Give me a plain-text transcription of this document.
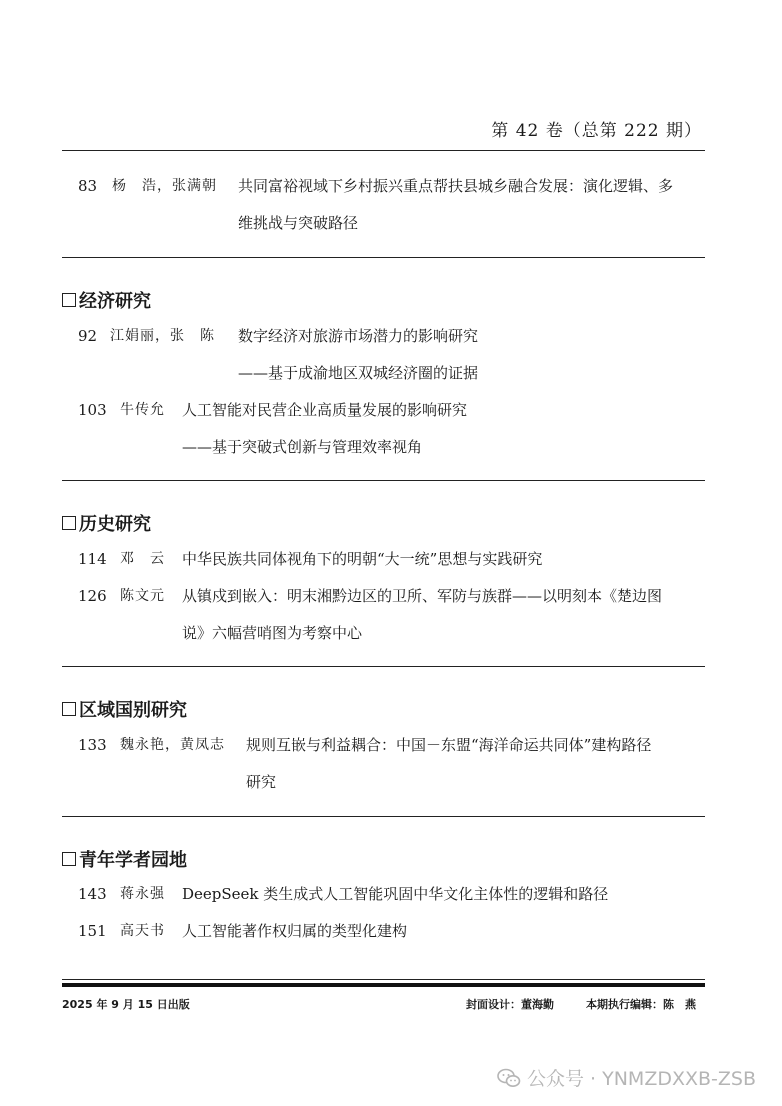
第 42 卷（总第 222 期）
83 杨　浩，张满朝 共同富裕视域下乡村振兴重点帮扶县城乡融合发展：演化逻辑、多
维挑战与突破路径
经济研究
92 江娟丽，张　陈 数字经济对旅游市场潜力的影响研究
——基于成渝地区双城经济圈的证据
103 牛传允 人工智能对民营企业高质量发展的影响研究
——基于突破式创新与管理效率视角
历史研究
114 邓　云 中华民族共同体视角下的明朝“大一统”思想与实践研究
126 陈文元 从镇戍到嵌入：明末湘黔边区的卫所、军防与族群——以明刻本《楚边图
说》六幅营哨图为考察中心
区域国别研究
133 魏永艳，黄凤志 规则互嵌与利益耦合：中国－东盟“海洋命运共同体”建构路径
研究
青年学者园地
143 蒋永强 DeepSeek 类生成式人工智能巩固中华文化主体性的逻辑和路径
151 高天书 人工智能著作权归属的类型化建构
2025 年 9 月 15 日出版	封面设计：董海勤	本期执行编辑：陈　燕
公众号 · YNMZDXXB-ZSB
